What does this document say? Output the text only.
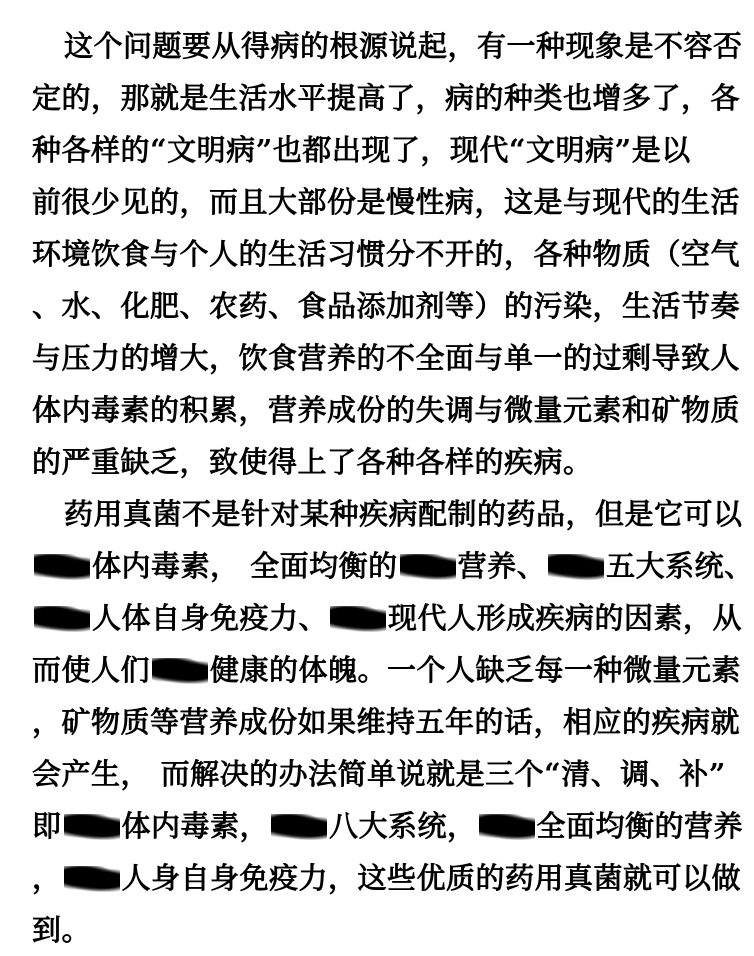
这个问题要从得病的根源说起，有一种现象是不容否
定的，那就是生活水平提高了，病的种类也增多了，各
种各样的“文明病”也都出现了，现代“文明病”是以
前很少见的，而且大部份是慢性病，这是与现代的生活
环境饮食与个人的生活习惯分不开的，各种物质（空气
、水、化肥、农药、食品添加剂等）的污染，生活节奏
与压力的增大，饮食营养的不全面与单一的过剩导致人
体内毒素的积累，营养成份的失调与微量元素和矿物质
的严重缺乏，致使得上了各种各样的疾病。
药用真菌不是针对某种疾病配制的药品，但是它可以
体内毒素， 全面均衡的 营养、 五大系统、
人体自身免疫力、 现代人形成疾病的因素，从
而使人们 健康的体魄。一个人缺乏每一种微量元素
，矿物质等营养成份如果维持五年的话，相应的疾病就
会产生， 而解决的办法简单说就是三个“清、调、补”
即 体内毒素， 八大系统， 全面均衡的营养
， 人身自身免疫力，这些优质的药用真菌就可以做
到。
